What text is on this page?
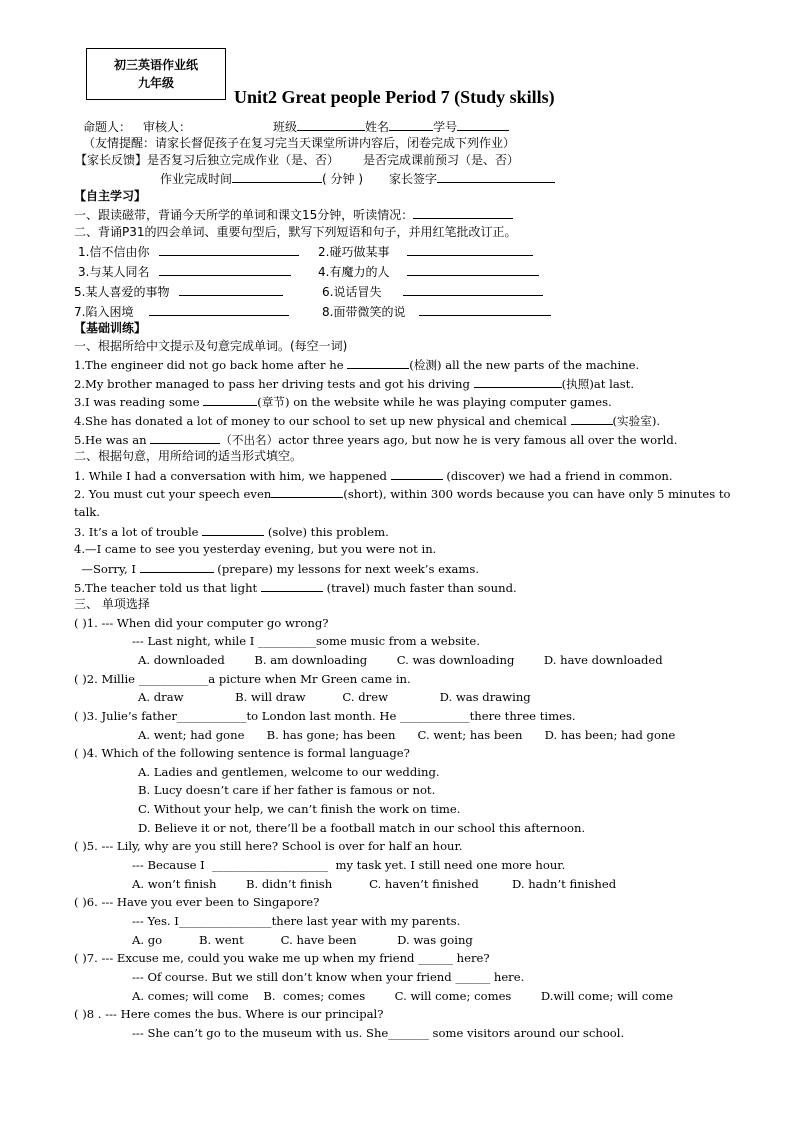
初三英语作业纸
九年级
Unit2 Great people Period 7 (Study skills)
命题人： 审核人：	班级	姓名	学号
（友情提醒：请家长督促孩子在复习完当天课堂所讲内容后，闭卷完成下列作业）
【家长反馈】是否复习后独立完成作业（是、否） 是否完成课前预习（是、否）
作业完成时间	( 分钟 ) 家长签字
【自主学习】
一、跟读磁带，背诵今天所学的单词和课文15分钟，听读情况：
二、背诵P31的四会单词、重要句型后，默写下列短语和句子，并用红笔批改订正。
1.信不信由你	2.碰巧做某事
3.与某人同名	4.有魔力的人
5.某人喜爱的事物	6.说话冒失
7.陷入困境	8.面带微笑的说
【基础训练】
一、根据所给中文提示及句意完成单词。(每空一词)
1.The engineer did not go back home after he	(检测) all the new parts of the machine.
2.My brother managed to pass her driving tests and got his driving	(执照)at last.
3.I was reading some	(章节) on the website while he was playing computer games.
4.She has donated a lot of money to our school to set up new physical and chemical	(实验室).
5.He was an	（不出名）actor three years ago, but now he is very famous all over the world.
二、根据句意，用所给词的适当形式填空。
1. While I had a conversation with him, we happened	(discover) we had a friend in common.
2. You must cut your speech even	(short), within 300 words because you can have only 5 minutes to
talk.
3. It’s a lot of trouble	(solve) this problem.
4.—I came to see you yesterday evening, but you were not in.
—Sorry, I	(prepare) my lessons for next week’s exams.
5.The teacher told us that light	(travel) much faster than sound.
三、 单项选择
( )1. --- When did your computer go wrong?
--- Last night, while I __________some music from a website.
A. downloaded        B. am downloading        C. was downloading        D. have downloaded
( )2. Millie ____________a picture when Mr Green came in.
A. draw              B. will draw          C. drew              D. was drawing
( )3. Julie’s father____________to London last month. He ____________there three times.
A. went; had gone      B. has gone; has been      C. went; has been      D. has been; had gone
( )4. Which of the following sentence is formal language?
A. Ladies and gentlemen, welcome to our wedding.
B. Lucy doesn’t care if her father is famous or not.
C. Without your help, we can’t finish the work on time.
D. Believe it or not, there’ll be a football match in our school this afternoon.
( )5. --- Lily, why are you still here? School is over for half an hour.
--- Because I  ____________________  my task yet. I still need one more hour.
A. won’t finish        B. didn’t finish          C. haven’t finished         D. hadn’t finished
( )6. --- Have you ever been to Singapore?
--- Yes. I________________there last year with my parents.
A. go          B. went          C. have been           D. was going
( )7. --- Excuse me, could you wake me up when my friend ______ here?
--- Of course. But we still don’t know when your friend ______ here.
A. comes; will come    B.  comes; comes        C. will come; comes        D.will come; will come
( )8 . --- Here comes the bus. Where is our principal?
--- She can’t go to the museum with us. She_______ some visitors around our school.
